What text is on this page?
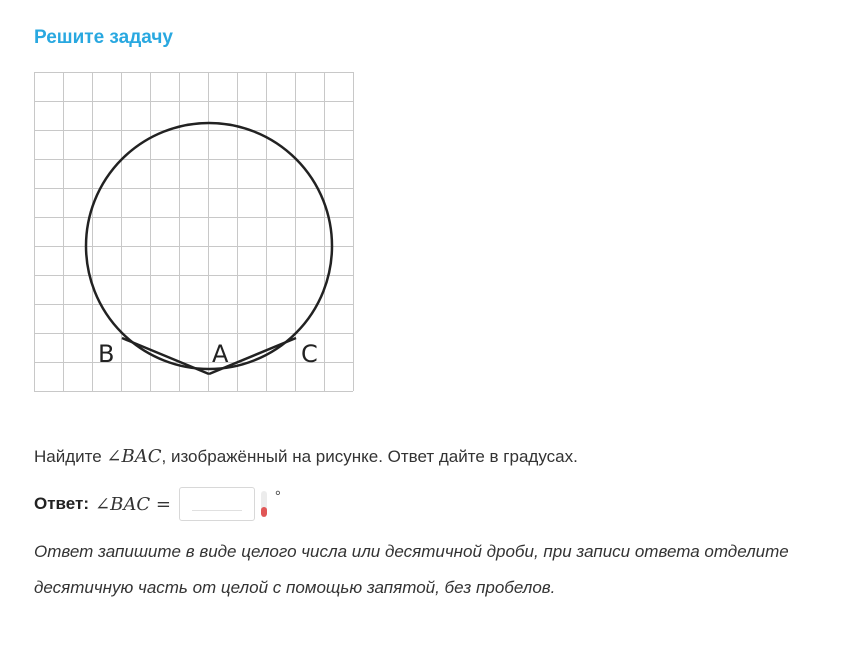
Решите задачу
B	A	C
Найдите ∠BAC, изображённый на рисунке. Ответ дайте в градусах.
Ответ: ∠BAC =	°
Ответ запишите в виде целого числа или десятичной дроби, при записи ответа отделите десятичную часть от целой с помощью запятой, без пробелов.
